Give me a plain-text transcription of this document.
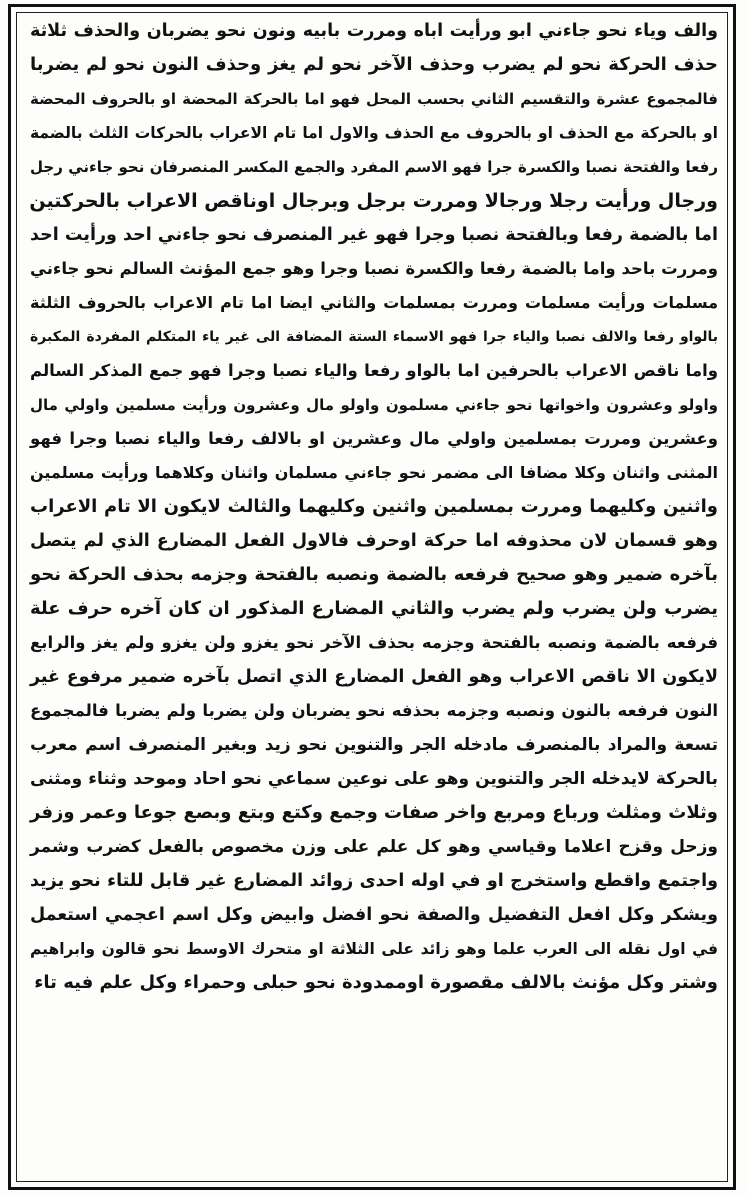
والف وياء نحو جاءني ابو ورأيت اباه ومررت بابيه ونون نحو يضربان والحذف ثلاثة

حذف الحركة نحو لم يضرب وحذف الآخر نحو لم يغز وحذف النون نحو لم يضربا

فالمجموع عشرة والتقسيم الثاني بحسب المحل فهو اما بالحركة المحضة او بالحروف المحضة

او بالحركة مع الحذف او بالحروف مع الحذف والاول اما تام الاعراب بالحركات الثلث بالضمة

رفعا والفتحة نصبا والكسرة جرا فهو الاسم المفرد والجمع المكسر المنصرفان نحو جاءني رجل

ورجال ورأيت رجلا ورجالا ومررت برجل وبرجال اوناقص الاعراب بالحركتين

اما بالضمة رفعا وبالفتحة نصبا وجرا فهو غير المنصرف نحو جاءني احد ورأيت احد

ومررت باحد واما بالضمة رفعا والكسرة نصبا وجرا وهو جمع المؤنث السالم نحو جاءني

مسلمات ورأيت مسلمات ومررت بمسلمات والثاني ايضا اما تام الاعراب بالحروف الثلثة

بالواو رفعا والالف نصبا والياء جرا فهو الاسماء الستة المضافة الى غير ياء المتكلم المفردة المكبرة

واما ناقص الاعراب بالحرفين اما بالواو رفعا والياء نصبا وجرا فهو جمع المذكر السالم

واولو وعشرون واخواتها نحو جاءني مسلمون واولو مال وعشرون ورأيت مسلمين واولي مال

وعشرين ومررت بمسلمين واولي مال وعشرين او بالالف رفعا والياء نصبا وجرا فهو

المثنى واثنان وكلا مضافا الى مضمر نحو جاءني مسلمان واثنان وكلاهما ورأيت مسلمين

واثنين وكليهما ومررت بمسلمين واثنين وكليهما والثالث لايكون الا تام الاعراب

وهو قسمان لان محذوفه اما حركة اوحرف فالاول الفعل المضارع الذي لم يتصل

بآخره ضمير وهو صحيح فرفعه بالضمة ونصبه بالفتحة وجزمه بحذف الحركة نحو

يضرب ولن يضرب ولم يضرب والثاني المضارع المذكور ان كان آخره حرف علة

فرفعه بالضمة ونصبه بالفتحة وجزمه بحذف الآخر نحو يغزو ولن يغزو ولم يغز والرابع

لايكون الا ناقص الاعراب وهو الفعل المضارع الذي اتصل بآخره ضمير مرفوع غير

النون فرفعه بالنون ونصبه وجزمه بحذفه نحو يضربان ولن يضربا ولم يضربا فالمجموع

تسعة والمراد بالمنصرف مادخله الجر والتنوين نحو زيد وبغير المنصرف اسم معرب

بالحركة لايدخله الجر والتنوين وهو على نوعين سماعي نحو احاد وموحد وثناء ومثنى

وثلاث ومثلث ورباع ومربع واخر صفات وجمع وكتع وبتع وبصع جوعا وعمر وزفر

وزحل وقزح اعلاما وقياسي وهو كل علم على وزن مخصوص بالفعل كضرب وشمر

واجتمع واقطع واستخرج او في اوله احدى زوائد المضارع غير قابل للتاء نحو يزيد

ويشكر وكل افعل التفضيل والصفة نحو افضل وابيض وكل اسم اعجمي استعمل

في اول نقله الى العرب علما وهو زائد على الثلاثة او متحرك الاوسط نحو قالون وابراهيم

وشتر وكل مؤنث بالالف مقصورة اوممدودة نحو حبلى وحمراء وكل علم فيه تاء
